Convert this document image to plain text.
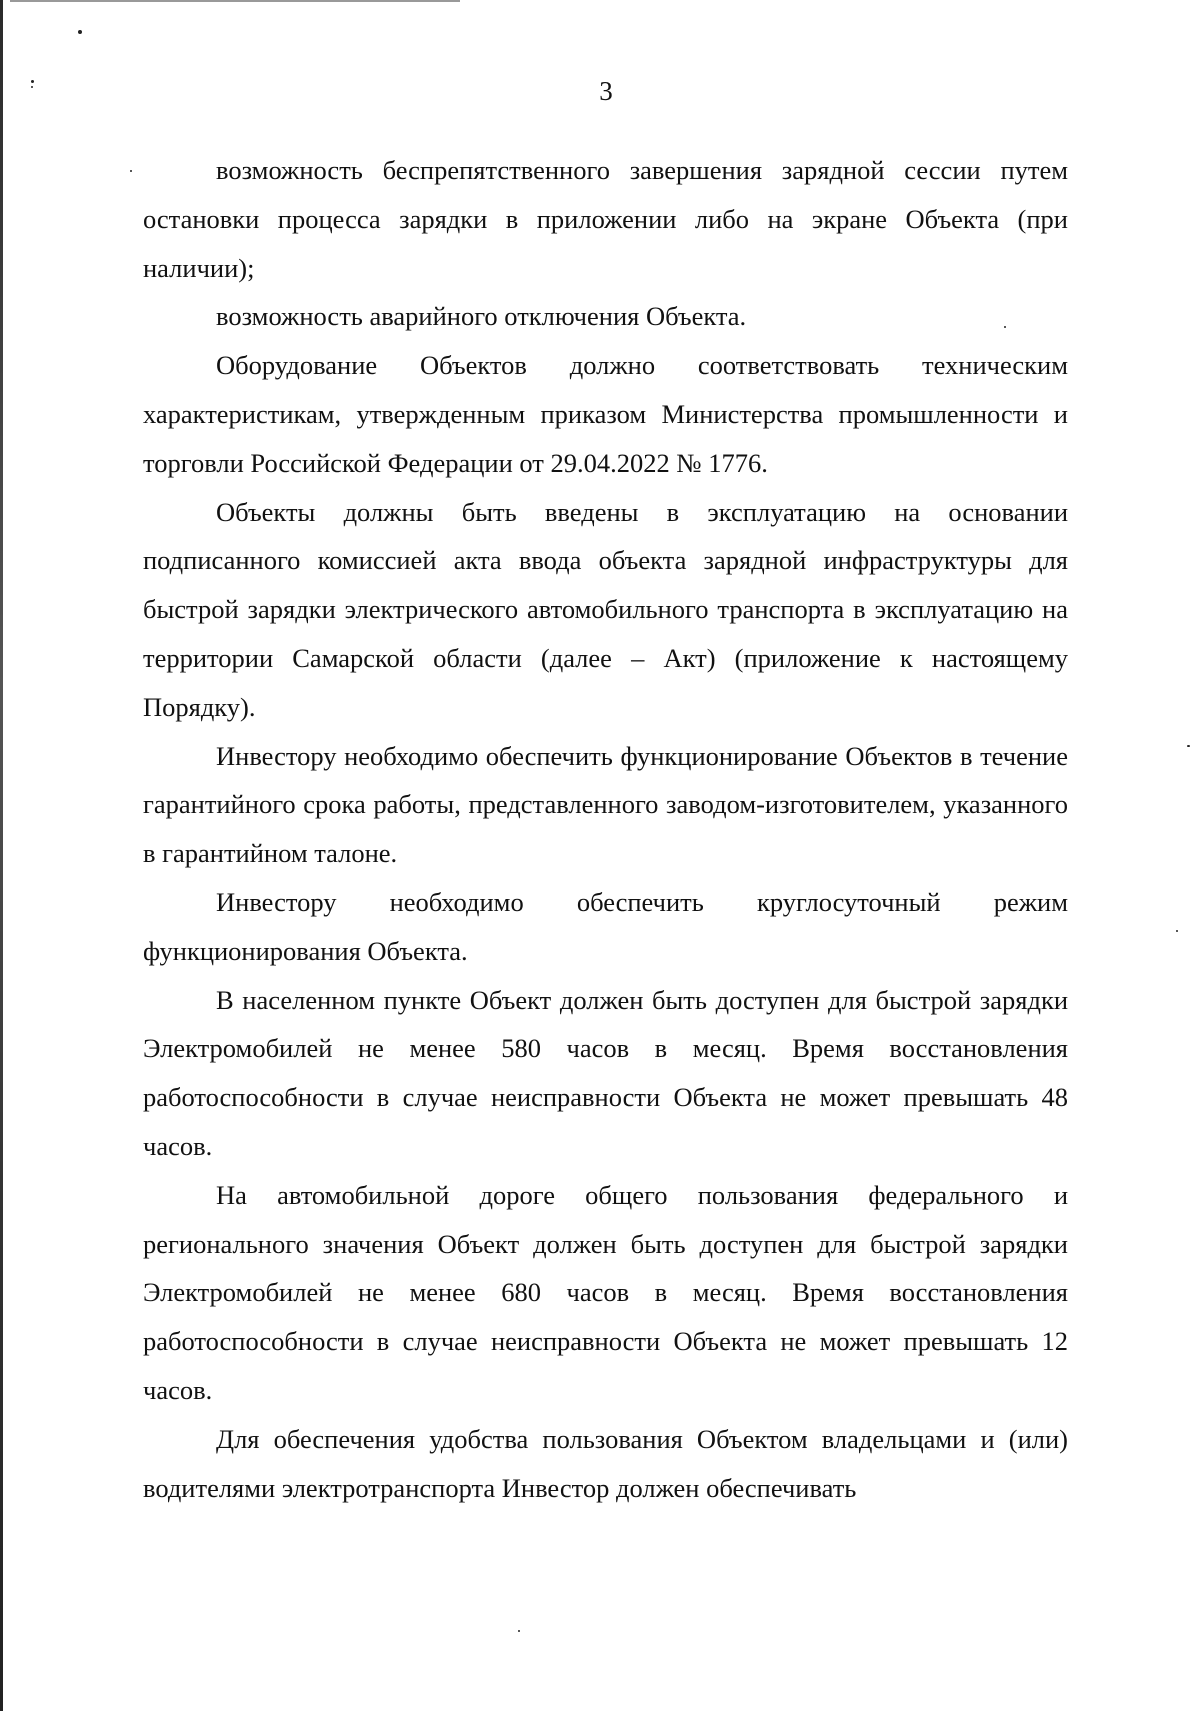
3

возможность беспрепятственного завершения зарядной сессии путем остановки процесса зарядки в приложении либо на экране Объекта (при наличии);

возможность аварийного отключения Объекта.

Оборудование Объектов должно соответствовать техническим характеристикам, утвержденным приказом Министерства промышленности и торговли Российской Федерации от 29.04.2022 № 1776.

Объекты должны быть введены в эксплуатацию на основании подписанного комиссией акта ввода объекта зарядной инфраструктуры для быстрой зарядки электрического автомобильного транспорта в эксплуатацию на территории Самарской области (далее – Акт) (приложение к настоящему Порядку).

Инвестору необходимо обеспечить функционирование Объектов в течение гарантийного срока работы, представленного заводом-изготовителем, указанного в гарантийном талоне.

Инвестору необходимо обеспечить круглосуточный режим функционирования Объекта.

В населенном пункте Объект должен быть доступен для быстрой зарядки Электромобилей не менее 580 часов в месяц. Время восстановления работоспособности в случае неисправности Объекта не может превышать 48 часов.

На автомобильной дороге общего пользования федерального и регионального значения Объект должен быть доступен для быстрой зарядки Электромобилей не менее 680 часов в месяц. Время восстановления работоспособности в случае неисправности Объекта не может превышать 12 часов.

Для обеспечения удобства пользования Объектом владельцами и (или) водителями электротранспорта Инвестор должен обеспечивать
